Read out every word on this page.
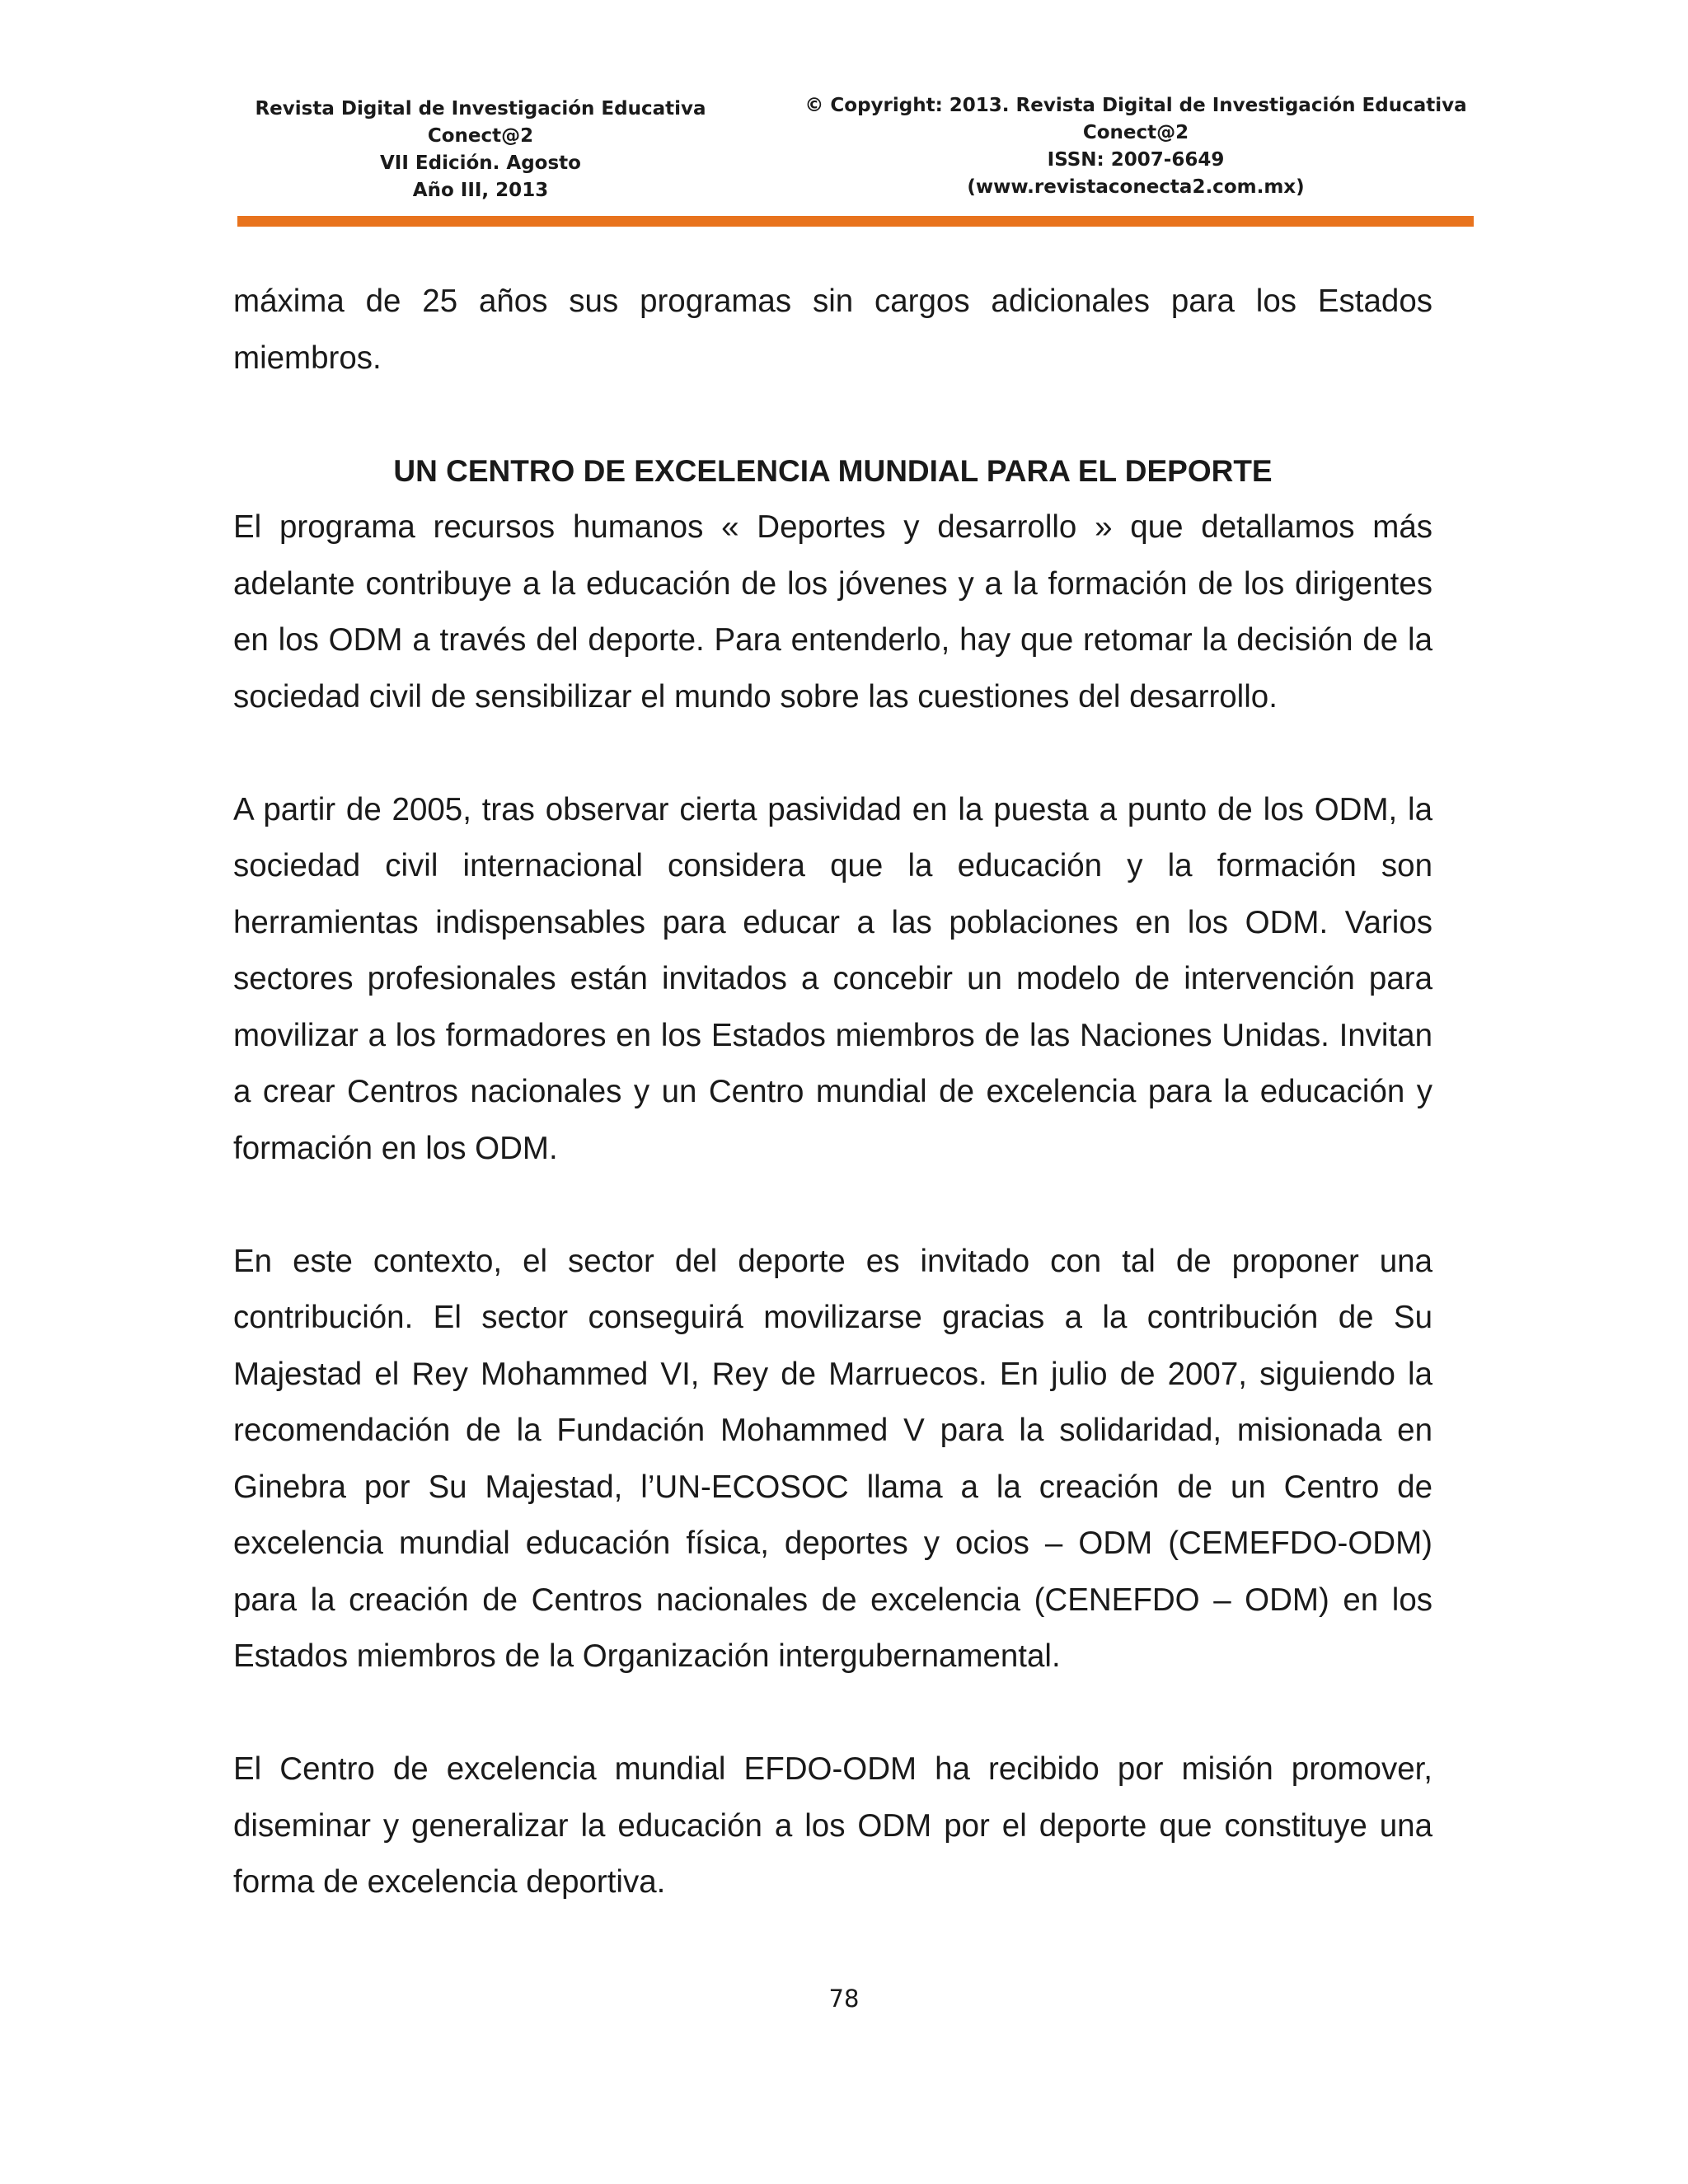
Revista Digital de Investigación Educativa
Conect@2
VII Edición. Agosto
Año III, 2013
© Copyright: 2013. Revista Digital de Investigación Educativa
Conect@2
ISSN: 2007-6649
(www.revistaconecta2.com.mx)

máxima de 25 años sus programas sin cargos adicionales para los Estados miembros.

UN CENTRO DE EXCELENCIA MUNDIAL PARA EL DEPORTE

El programa recursos humanos « Deportes y desarrollo » que detallamos más adelante contribuye a la educación de los jóvenes y a la formación de los dirigentes en los ODM a través del deporte. Para entenderlo, hay que retomar la decisión de la sociedad civil de sensibilizar el mundo sobre las cuestiones del desarrollo.

A partir de 2005, tras observar cierta pasividad en la puesta a punto de los ODM, la sociedad civil internacional considera que la educación y la formación son herramientas indispensables para educar a las poblaciones en los ODM. Varios sectores profesionales están invitados a concebir un modelo de intervención para movilizar a los formadores en los Estados miembros de las Naciones Unidas. Invitan a crear Centros nacionales y un Centro mundial de excelencia para la educación y formación en los ODM.

En este contexto, el sector del deporte es invitado con tal de proponer una contribución. El sector conseguirá movilizarse gracias a la contribución de Su Majestad el Rey Mohammed VI, Rey de Marruecos. En julio de 2007, siguiendo la recomendación de la Fundación Mohammed V para la solidaridad, misionada en Ginebra por Su Majestad, l’UN-ECOSOC llama a la creación de un Centro de excelencia mundial educación física, deportes y ocios – ODM (CEMEFDO-ODM) para la creación de Centros nacionales de excelencia (CENEFDO – ODM) en los Estados miembros de la Organización intergubernamental.

El Centro de excelencia mundial EFDO-ODM ha recibido por misión promover, diseminar y generalizar la educación a los ODM por el deporte que constituye una forma de excelencia deportiva.

78
